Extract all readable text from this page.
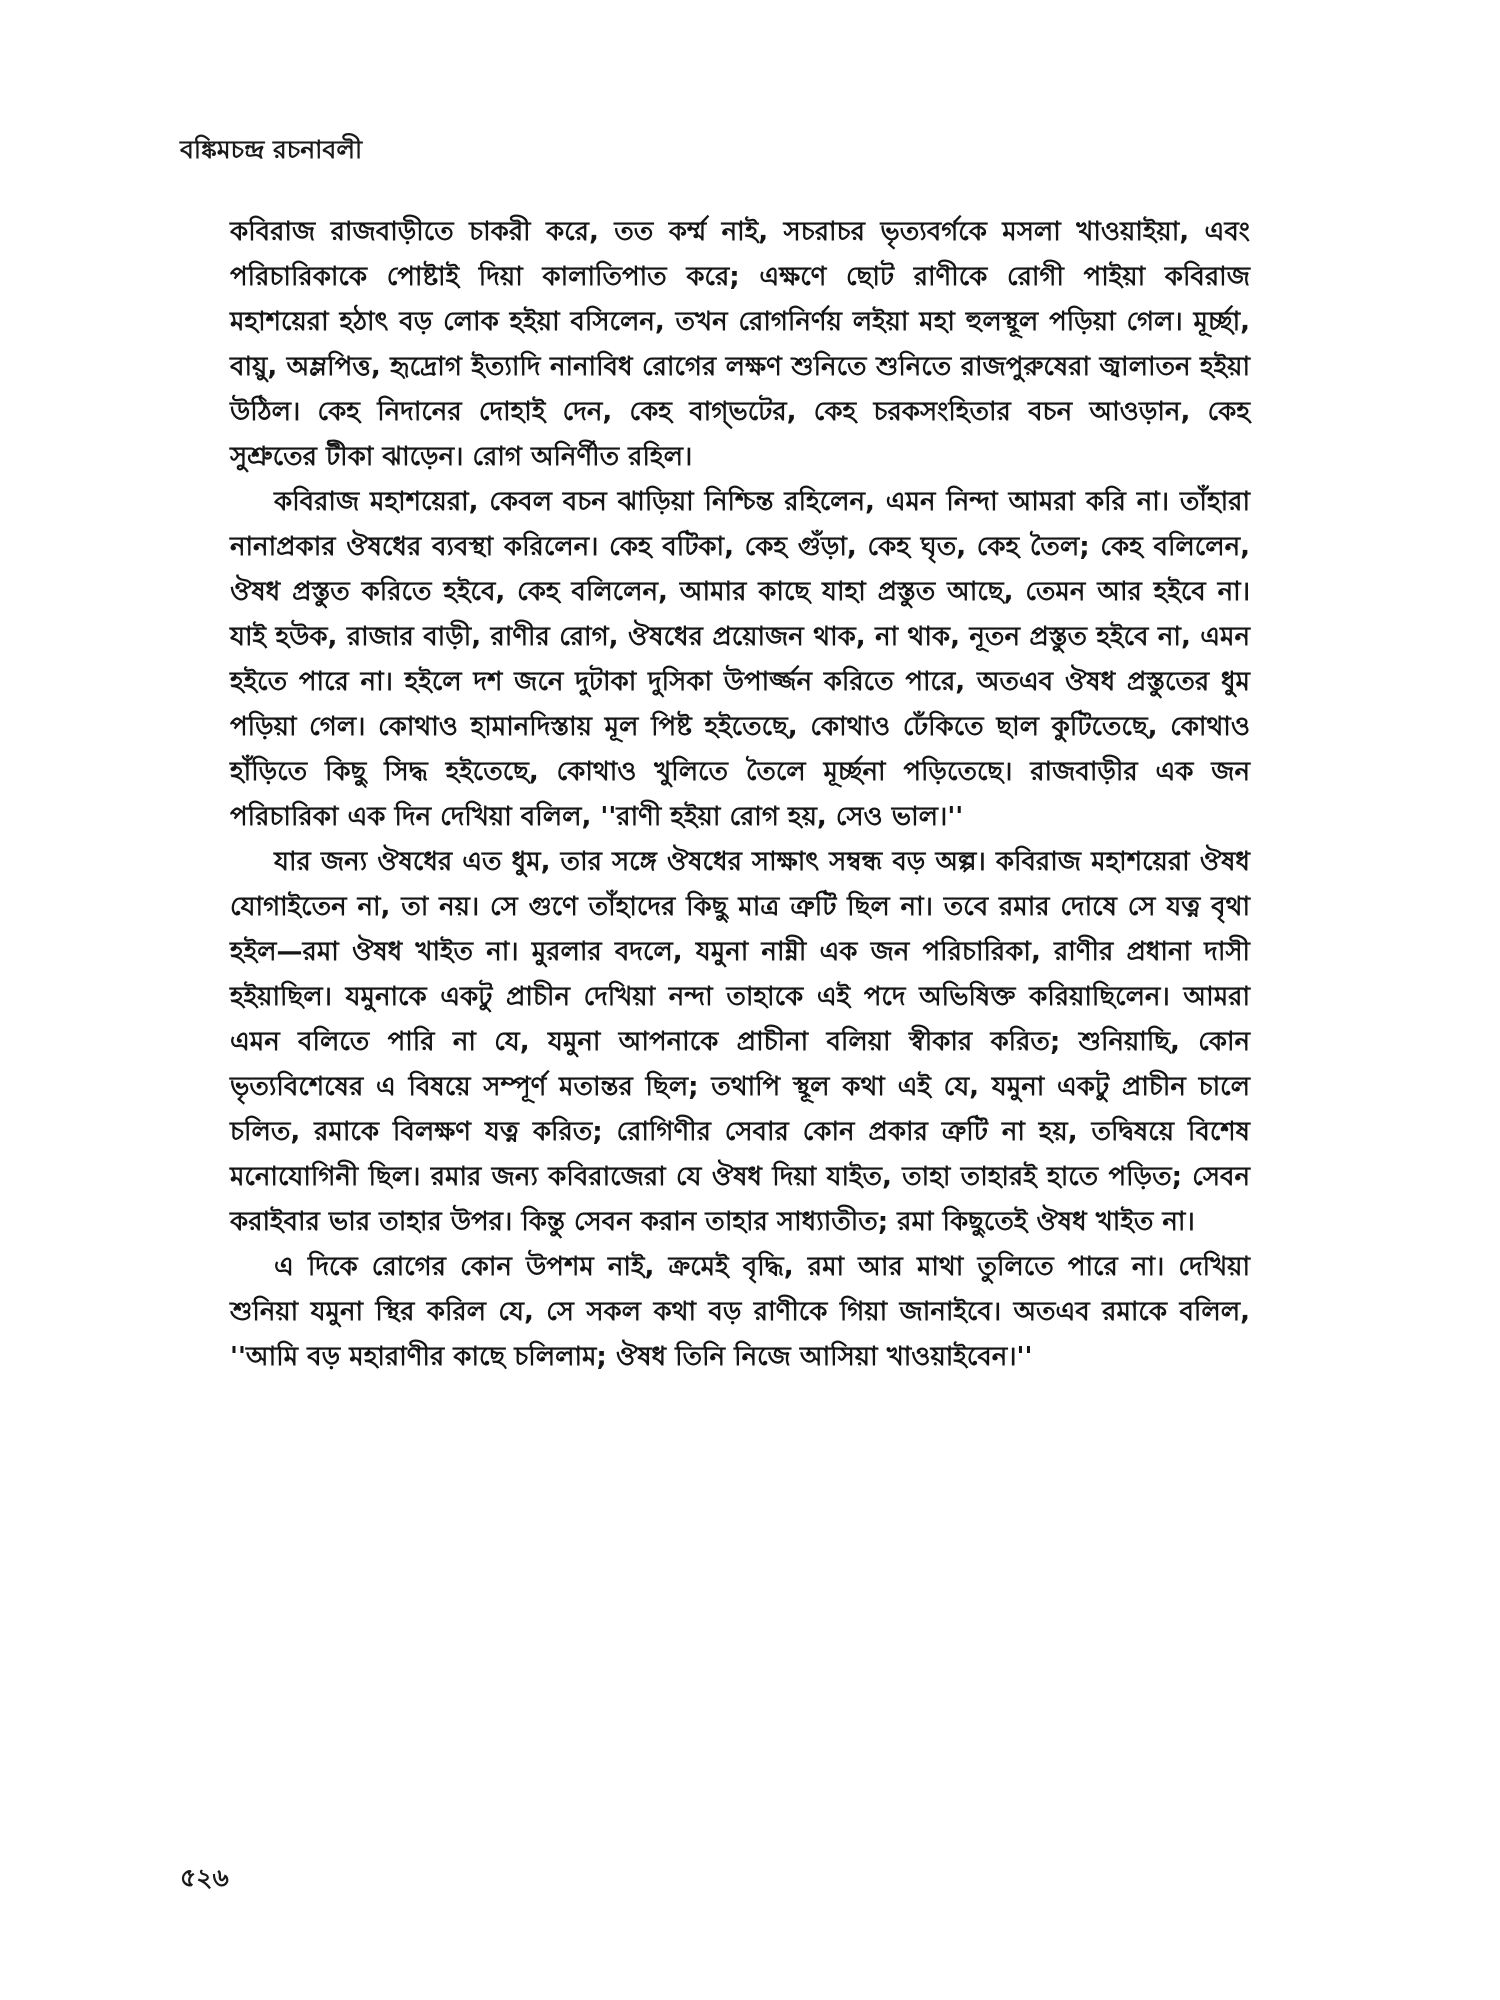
বঙ্কিমচন্দ্র রচনাবলী

কবিরাজ রাজবাড়ীতে চাকরী করে, তত কর্ম্ম নাই, সচরাচর ভৃত্যবর্গকে মসলা খাওয়াইয়া, এবং পরিচারিকাকে পোষ্টাই দিয়া কালাতিপাত করে; এক্ষণে ছোট রাণীকে রোগী পাইয়া কবিরাজ মহাশয়েরা হঠাৎ বড় লোক হইয়া বসিলেন, তখন রোগনির্ণয় লইয়া মহা হুলস্থূল পড়িয়া গেল। মূর্চ্ছা, বায়ু, অম্লপিত্ত, হৃদ্রোগ ইত্যাদি নানাবিধ রোগের লক্ষণ শুনিতে শুনিতে রাজপুরুষেরা জ্বালাতন হইয়া উঠিল। কেহ নিদানের দোহাই দেন, কেহ বাগ্‌ভটের, কেহ চরকসংহিতার বচন আওড়ান, কেহ সুশ্রুতের টীকা ঝাড়েন। রোগ অনির্ণীত রহিল।

কবিরাজ মহাশয়েরা, কেবল বচন ঝাড়িয়া নিশ্চিন্ত রহিলেন, এমন নিন্দা আমরা করি না। তাঁহারা নানাপ্রকার ঔষধের ব্যবস্থা করিলেন। কেহ বটিকা, কেহ গুঁড়া, কেহ ঘৃত, কেহ তৈল; কেহ বলিলেন, ঔষধ প্রস্তুত করিতে হইবে, কেহ বলিলেন, আমার কাছে যাহা প্রস্তুত আছে, তেমন আর হইবে না। যাই হউক, রাজার বাড়ী, রাণীর রোগ, ঔষধের প্রয়োজন থাক, না থাক, নূতন প্রস্তুত হইবে না, এমন হইতে পারে না। হইলে দশ জনে দুটাকা দুসিকা উপার্জ্জন করিতে পারে, অতএব ঔষধ প্রস্তুতের ধুম পড়িয়া গেল। কোথাও হামানদিস্তায় মূল পিষ্ট হইতেছে, কোথাও ঢেঁকিতে ছাল কুটিতেছে, কোথাও হাঁড়িতে কিছু সিদ্ধ হইতেছে, কোথাও খুলিতে তৈলে মূর্চ্ছনা পড়িতেছে। রাজবাড়ীর এক জন পরিচারিকা এক দিন দেখিয়া বলিল, ''রাণী হইয়া রোগ হয়, সেও ভাল।''

যার জন্য ঔষধের এত ধুম, তার সঙ্গে ঔষধের সাক্ষাৎ সম্বন্ধ বড় অল্প। কবিরাজ মহাশয়েরা ঔষধ যোগাইতেন না, তা নয়। সে গুণে তাঁহাদের কিছু মাত্র ত্রুটি ছিল না। তবে রমার দোষে সে যত্ন বৃথা হইল—রমা ঔষধ খাইত না। মুরলার বদলে, যমুনা নাম্নী এক জন পরিচারিকা, রাণীর প্রধানা দাসী হইয়াছিল। যমুনাকে একটু প্রাচীন দেখিয়া নন্দা তাহাকে এই পদে অভিষিক্ত করিয়াছিলেন। আমরা এমন বলিতে পারি না যে, যমুনা আপনাকে প্রাচীনা বলিয়া স্বীকার করিত; শুনিয়াছি, কোন ভৃত্যবিশেষের এ বিষয়ে সম্পূর্ণ মতান্তর ছিল; তথাপি স্থূল কথা এই যে, যমুনা একটু প্রাচীন চালে চলিত, রমাকে বিলক্ষণ যত্ন করিত; রোগিণীর সেবার কোন প্রকার ত্রুটি না হয়, তদ্বিষয়ে বিশেষ মনোযোগিনী ছিল। রমার জন্য কবিরাজেরা যে ঔষধ দিয়া যাইত, তাহা তাহারই হাতে পড়িত; সেবন করাইবার ভার তাহার উপর। কিন্তু সেবন করান তাহার সাধ্যাতীত; রমা কিছুতেই ঔষধ খাইত না।

এ দিকে রোগের কোন উপশম নাই, ক্রমেই বৃদ্ধি, রমা আর মাথা তুলিতে পারে না। দেখিয়া শুনিয়া যমুনা স্থির করিল যে, সে সকল কথা বড় রাণীকে গিয়া জানাইবে। অতএব রমাকে বলিল, ''আমি বড় মহারাণীর কাছে চলিলাম; ঔষধ তিনি নিজে আসিয়া খাওয়াইবেন।''

৫২৬
